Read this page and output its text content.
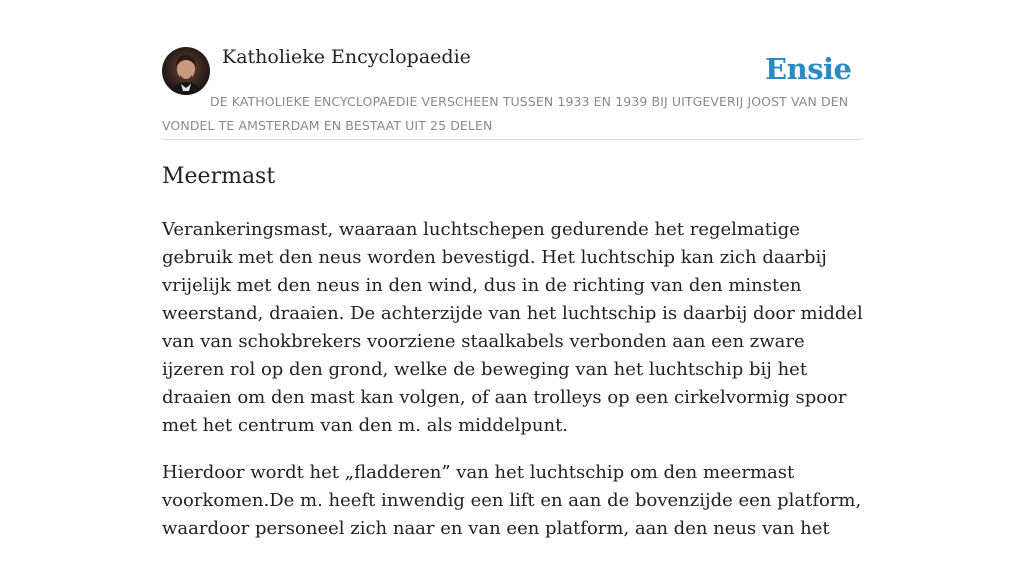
Katholieke Encyclopaedie	Ensie
DE KATHOLIEKE ENCYCLOPAEDIE VERSCHEEN TUSSEN 1933 EN 1939 BIJ UITGEVERIJ JOOST VAN DEN VONDEL TE AMSTERDAM EN BESTAAT UIT 25 DELEN
Meermast

Verankeringsmast, waaraan luchtschepen gedurende het regelmatige gebruik met den neus worden bevestigd. Het luchtschip kan zich daarbij vrijelijk met den neus in den wind, dus in de richting van den minsten weerstand, draaien. De achterzijde van het luchtschip is daarbij door middel van van schokbrekers voorziene staalkabels verbonden aan een zware ijzeren rol op den grond, welke de beweging van het luchtschip bij het draaien om den mast kan volgen, of aan trolleys op een cirkelvormig spoor met het centrum van den m. als middelpunt.

Hierdoor wordt het „fladderen” van het luchtschip om den meermast voorkomen.De m. heeft inwendig een lift en aan de bovenzijde een platform, waardoor personeel zich naar en van een platform, aan den neus van het
